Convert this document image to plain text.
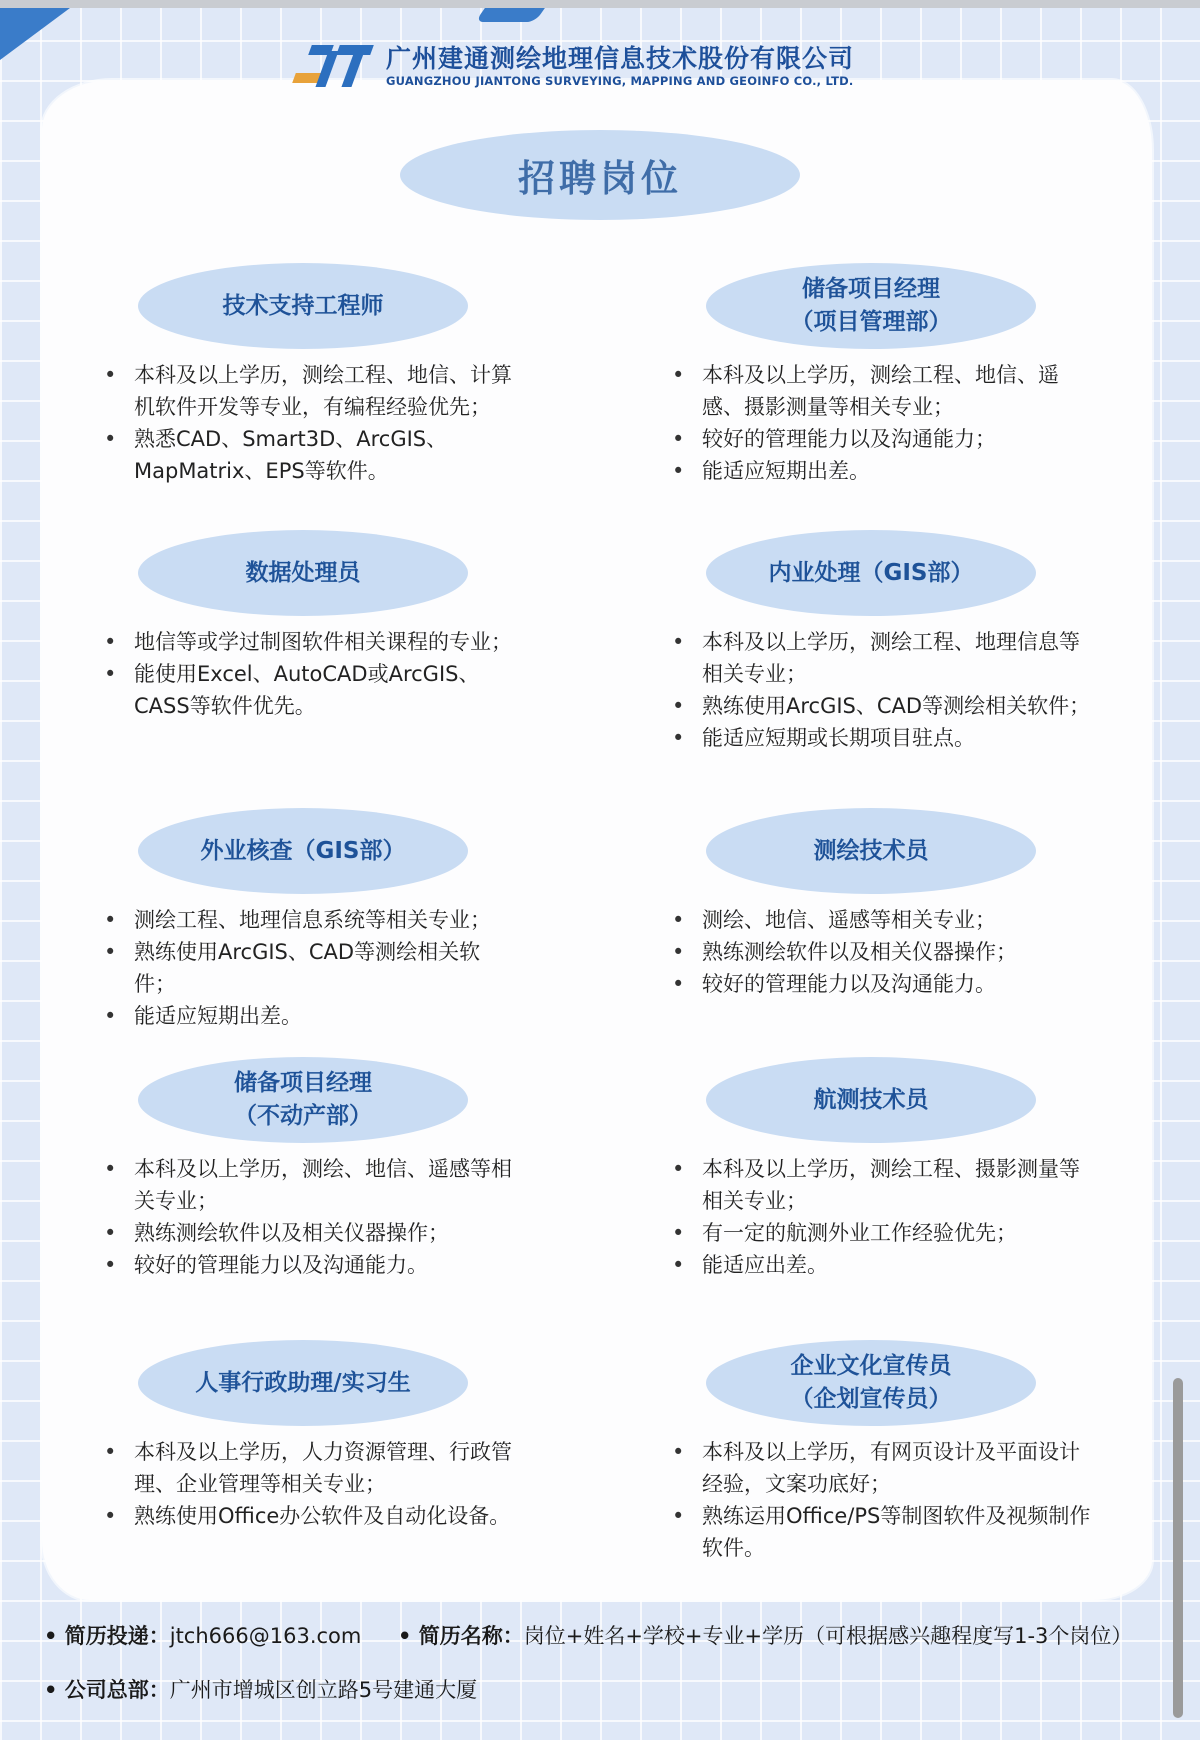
广州建通测绘地理信息技术股份有限公司
GUANGZHOU JIANTONG SURVEYING, MAPPING AND GEOINFO CO., LTD.
招聘岗位
技术支持工程师
• 本科及以上学历，测绘工程、地信、计算机软件开发等专业，有编程经验优先；
• 熟悉CAD、Smart3D、ArcGIS、MapMatrix、EPS等软件。
储备项目经理
（项目管理部）
• 本科及以上学历，测绘工程、地信、遥感、摄影测量等相关专业；
• 较好的管理能力以及沟通能力；
• 能适应短期出差。
数据处理员
• 地信等或学过制图软件相关课程的专业；
• 能使用Excel、AutoCAD或ArcGIS、CASS等软件优先。
内业处理（GIS部）
• 本科及以上学历，测绘工程、地理信息等相关专业；
• 熟练使用ArcGIS、CAD等测绘相关软件；
• 能适应短期或长期项目驻点。
外业核查（GIS部）
• 测绘工程、地理信息系统等相关专业；
• 熟练使用ArcGIS、CAD等测绘相关软件；
• 能适应短期出差。
测绘技术员
• 测绘、地信、遥感等相关专业；
• 熟练测绘软件以及相关仪器操作；
• 较好的管理能力以及沟通能力。
储备项目经理
（不动产部）
• 本科及以上学历，测绘、地信、遥感等相关专业；
• 熟练测绘软件以及相关仪器操作；
• 较好的管理能力以及沟通能力。
航测技术员
• 本科及以上学历，测绘工程、摄影测量等相关专业；
• 有一定的航测外业工作经验优先；
• 能适应出差。
人事行政助理/实习生
• 本科及以上学历，人力资源管理、行政管理、企业管理等相关专业；
• 熟练使用Office办公软件及自动化设备。
企业文化宣传员
（企划宣传员）
• 本科及以上学历，有网页设计及平面设计经验，文案功底好；
• 熟练运用Office/PS等制图软件及视频制作软件。
• 简历投递：jtch666@163.com • 简历名称：岗位+姓名+学校+专业+学历（可根据感兴趣程度写1-3个岗位）
• 公司总部：广州市增城区创立路5号建通大厦
